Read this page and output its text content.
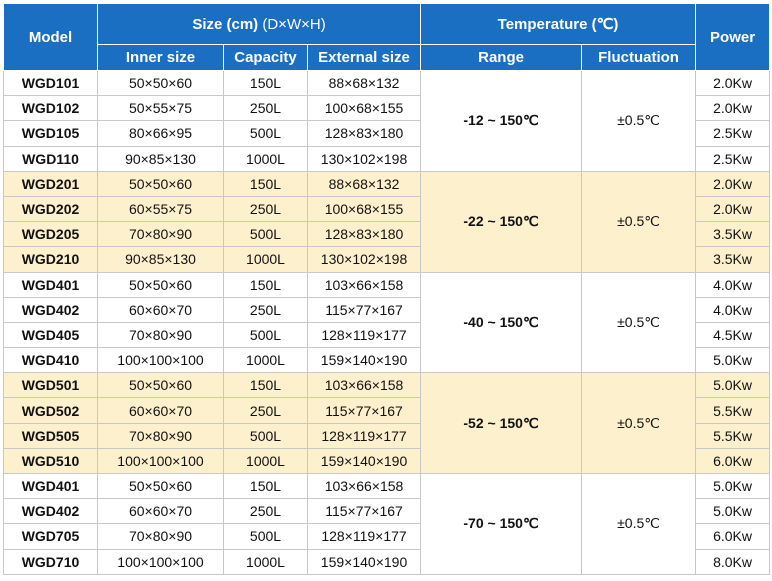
Model	Size (cm) (D×W×H)			Temperature (℃)		Power
	Inner size	Capacity	External size	Range	Fluctuation	
WGD101	50×50×60	150L	88×68×132	-12 ~ 150℃	±0.5℃	2.0Kw
WGD102	50×55×75	250L	100×68×155			2.0Kw
WGD105	80×66×95	500L	128×83×180			2.5Kw
WGD110	90×85×130	1000L	130×102×198			2.5Kw
WGD201	50×50×60	150L	88×68×132	-22 ~ 150℃	±0.5℃	2.0Kw
WGD202	60×55×75	250L	100×68×155			2.0Kw
WGD205	70×80×90	500L	128×83×180			3.5Kw
WGD210	90×85×130	1000L	130×102×198			3.5Kw
WGD401	50×50×60	150L	103×66×158	-40 ~ 150℃	±0.5℃	4.0Kw
WGD402	60×60×70	250L	115×77×167			4.0Kw
WGD405	70×80×90	500L	128×119×177			4.5Kw
WGD410	100×100×100	1000L	159×140×190			5.0Kw
WGD501	50×50×60	150L	103×66×158	-52 ~ 150℃	±0.5℃	5.0Kw
WGD502	60×60×70	250L	115×77×167			5.5Kw
WGD505	70×80×90	500L	128×119×177			5.5Kw
WGD510	100×100×100	1000L	159×140×190			6.0Kw
WGD401	50×50×60	150L	103×66×158	-70 ~ 150℃	±0.5℃	5.0Kw
WGD402	60×60×70	250L	115×77×167			5.0Kw
WGD705	70×80×90	500L	128×119×177			6.0Kw
WGD710	100×100×100	1000L	159×140×190			8.0Kw
